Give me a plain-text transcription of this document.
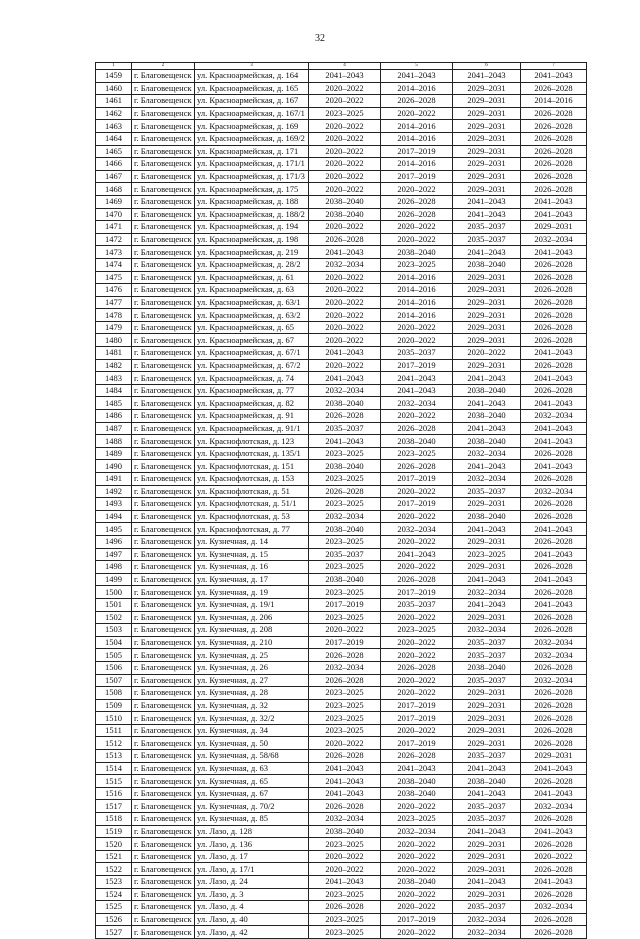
32
1	2	3	4	5	6	7
1459	г. Благовещенск	ул. Красноармейская, д. 164	2041–2043	2041–2043	2041–2043	2041–2043
1460	г. Благовещенск	ул. Красноармейская, д. 165	2020–2022	2014–2016	2029–2031	2026–2028
1461	г. Благовещенск	ул. Красноармейская, д. 167	2020–2022	2026–2028	2029–2031	2014–2016
1462	г. Благовещенск	ул. Красноармейская, д. 167/1	2023–2025	2020–2022	2029–2031	2026–2028
1463	г. Благовещенск	ул. Красноармейская, д. 169	2020–2022	2014–2016	2029–2031	2026–2028
1464	г. Благовещенск	ул. Красноармейская, д. 169/2	2020–2022	2014–2016	2029–2031	2026–2028
1465	г. Благовещенск	ул. Красноармейская, д. 171	2020–2022	2017–2019	2029–2031	2026–2028
1466	г. Благовещенск	ул. Красноармейская, д. 171/1	2020–2022	2014–2016	2029–2031	2026–2028
1467	г. Благовещенск	ул. Красноармейская, д. 171/3	2020–2022	2017–2019	2029–2031	2026–2028
1468	г. Благовещенск	ул. Красноармейская, д. 175	2020–2022	2020–2022	2029–2031	2026–2028
1469	г. Благовещенск	ул. Красноармейская, д. 188	2038–2040	2026–2028	2041–2043	2041–2043
1470	г. Благовещенск	ул. Красноармейская, д. 188/2	2038–2040	2026–2028	2041–2043	2041–2043
1471	г. Благовещенск	ул. Красноармейская, д. 194	2020–2022	2020–2022	2035–2037	2029–2031
1472	г. Благовещенск	ул. Красноармейская, д. 198	2026–2028	2020–2022	2035–2037	2032–2034
1473	г. Благовещенск	ул. Красноармейская, д. 219	2041–2043	2038–2040	2041–2043	2041–2043
1474	г. Благовещенск	ул. Красноармейская, д. 28/2	2032–2034	2023–2025	2038–2040	2026–2028
1475	г. Благовещенск	ул. Красноармейская, д. 61	2020–2022	2014–2016	2029–2031	2026–2028
1476	г. Благовещенск	ул. Красноармейская, д. 63	2020–2022	2014–2016	2029–2031	2026–2028
1477	г. Благовещенск	ул. Красноармейская, д. 63/1	2020–2022	2014–2016	2029–2031	2026–2028
1478	г. Благовещенск	ул. Красноармейская, д. 63/2	2020–2022	2014–2016	2029–2031	2026–2028
1479	г. Благовещенск	ул. Красноармейская, д. 65	2020–2022	2020–2022	2029–2031	2026–2028
1480	г. Благовещенск	ул. Красноармейская, д. 67	2020–2022	2020–2022	2029–2031	2026–2028
1481	г. Благовещенск	ул. Красноармейская, д. 67/1	2041–2043	2035–2037	2020–2022	2041–2043
1482	г. Благовещенск	ул. Красноармейская, д. 67/2	2020–2022	2017–2019	2029–2031	2026–2028
1483	г. Благовещенск	ул. Красноармейская, д. 74	2041–2043	2041–2043	2041–2043	2041–2043
1484	г. Благовещенск	ул. Красноармейская, д. 77	2032–2034	2041–2043	2038–2040	2026–2028
1485	г. Благовещенск	ул. Красноармейская, д. 82	2038–2040	2032–2034	2041–2043	2041–2043
1486	г. Благовещенск	ул. Красноармейская, д. 91	2026–2028	2020–2022	2038–2040	2032–2034
1487	г. Благовещенск	ул. Красноармейская, д. 91/1	2035–2037	2026–2028	2041–2043	2041–2043
1488	г. Благовещенск	ул. Краснофлотская, д. 123	2041–2043	2038–2040	2038–2040	2041–2043
1489	г. Благовещенск	ул. Краснофлотская, д. 135/1	2023–2025	2023–2025	2032–2034	2026–2028
1490	г. Благовещенск	ул. Краснофлотская, д. 151	2038–2040	2026–2028	2041–2043	2041–2043
1491	г. Благовещенск	ул. Краснофлотская, д. 153	2023–2025	2017–2019	2032–2034	2026–2028
1492	г. Благовещенск	ул. Краснофлотская, д. 51	2026–2028	2020–2022	2035–2037	2032–2034
1493	г. Благовещенск	ул. Краснофлотская, д. 51/1	2023–2025	2017–2019	2029–2031	2026–2028
1494	г. Благовещенск	ул. Краснофлотская, д. 53	2032–2034	2020–2022	2038–2040	2026–2028
1495	г. Благовещенск	ул. Краснофлотская, д. 77	2038–2040	2032–2034	2041–2043	2041–2043
1496	г. Благовещенск	ул. Кузнечная, д. 14	2023–2025	2020–2022	2029–2031	2026–2028
1497	г. Благовещенск	ул. Кузнечная, д. 15	2035–2037	2041–2043	2023–2025	2041–2043
1498	г. Благовещенск	ул. Кузнечная, д. 16	2023–2025	2020–2022	2029–2031	2026–2028
1499	г. Благовещенск	ул. Кузнечная, д. 17	2038–2040	2026–2028	2041–2043	2041–2043
1500	г. Благовещенск	ул. Кузнечная, д. 19	2023–2025	2017–2019	2032–2034	2026–2028
1501	г. Благовещенск	ул. Кузнечная, д. 19/1	2017–2019	2035–2037	2041–2043	2041–2043
1502	г. Благовещенск	ул. Кузнечная, д. 206	2023–2025	2020–2022	2029–2031	2026–2028
1503	г. Благовещенск	ул. Кузнечная, д. 208	2020–2022	2023–2025	2032–2034	2026–2028
1504	г. Благовещенск	ул. Кузнечная, д. 210	2017–2019	2020–2022	2035–2037	2032–2034
1505	г. Благовещенск	ул. Кузнечная, д. 25	2026–2028	2020–2022	2035–2037	2032–2034
1506	г. Благовещенск	ул. Кузнечная, д. 26	2032–2034	2026–2028	2038–2040	2026–2028
1507	г. Благовещенск	ул. Кузнечная, д. 27	2026–2028	2020–2022	2035–2037	2032–2034
1508	г. Благовещенск	ул. Кузнечная, д. 28	2023–2025	2020–2022	2029–2031	2026–2028
1509	г. Благовещенск	ул. Кузнечная, д. 32	2023–2025	2017–2019	2029–2031	2026–2028
1510	г. Благовещенск	ул. Кузнечная, д. 32/2	2023–2025	2017–2019	2029–2031	2026–2028
1511	г. Благовещенск	ул. Кузнечная, д. 34	2023–2025	2020–2022	2029–2031	2026–2028
1512	г. Благовещенск	ул. Кузнечная, д. 50	2020–2022	2017–2019	2029–2031	2026–2028
1513	г. Благовещенск	ул. Кузнечная, д. 58/68	2026–2028	2026–2028	2035–2037	2029–2031
1514	г. Благовещенск	ул. Кузнечная, д. 63	2041–2043	2041–2043	2041–2043	2041–2043
1515	г. Благовещенск	ул. Кузнечная, д. 65	2041–2043	2038–2040	2038–2040	2026–2028
1516	г. Благовещенск	ул. Кузнечная, д. 67	2041–2043	2038–2040	2041–2043	2041–2043
1517	г. Благовещенск	ул. Кузнечная, д. 70/2	2026–2028	2020–2022	2035–2037	2032–2034
1518	г. Благовещенск	ул. Кузнечная, д. 85	2032–2034	2023–2025	2035–2037	2026–2028
1519	г. Благовещенск	ул. Лазо, д. 128	2038–2040	2032–2034	2041–2043	2041–2043
1520	г. Благовещенск	ул. Лазо, д. 136	2023–2025	2020–2022	2029–2031	2026–2028
1521	г. Благовещенск	ул. Лазо, д. 17	2020–2022	2020–2022	2029–2031	2020–2022
1522	г. Благовещенск	ул. Лазо, д. 17/1	2020–2022	2020–2022	2029–2031	2026–2028
1523	г. Благовещенск	ул. Лазо, д. 24	2041–2043	2038–2040	2041–2043	2041–2043
1524	г. Благовещенск	ул. Лазо, д. 3	2023–2025	2020–2022	2029–2031	2026–2028
1525	г. Благовещенск	ул. Лазо, д. 4	2026–2028	2020–2022	2035–2037	2032–2034
1526	г. Благовещенск	ул. Лазо, д. 40	2023–2025	2017–2019	2032–2034	2026–2028
1527	г. Благовещенск	ул. Лазо, д. 42	2023–2025	2020–2022	2032–2034	2026–2028
